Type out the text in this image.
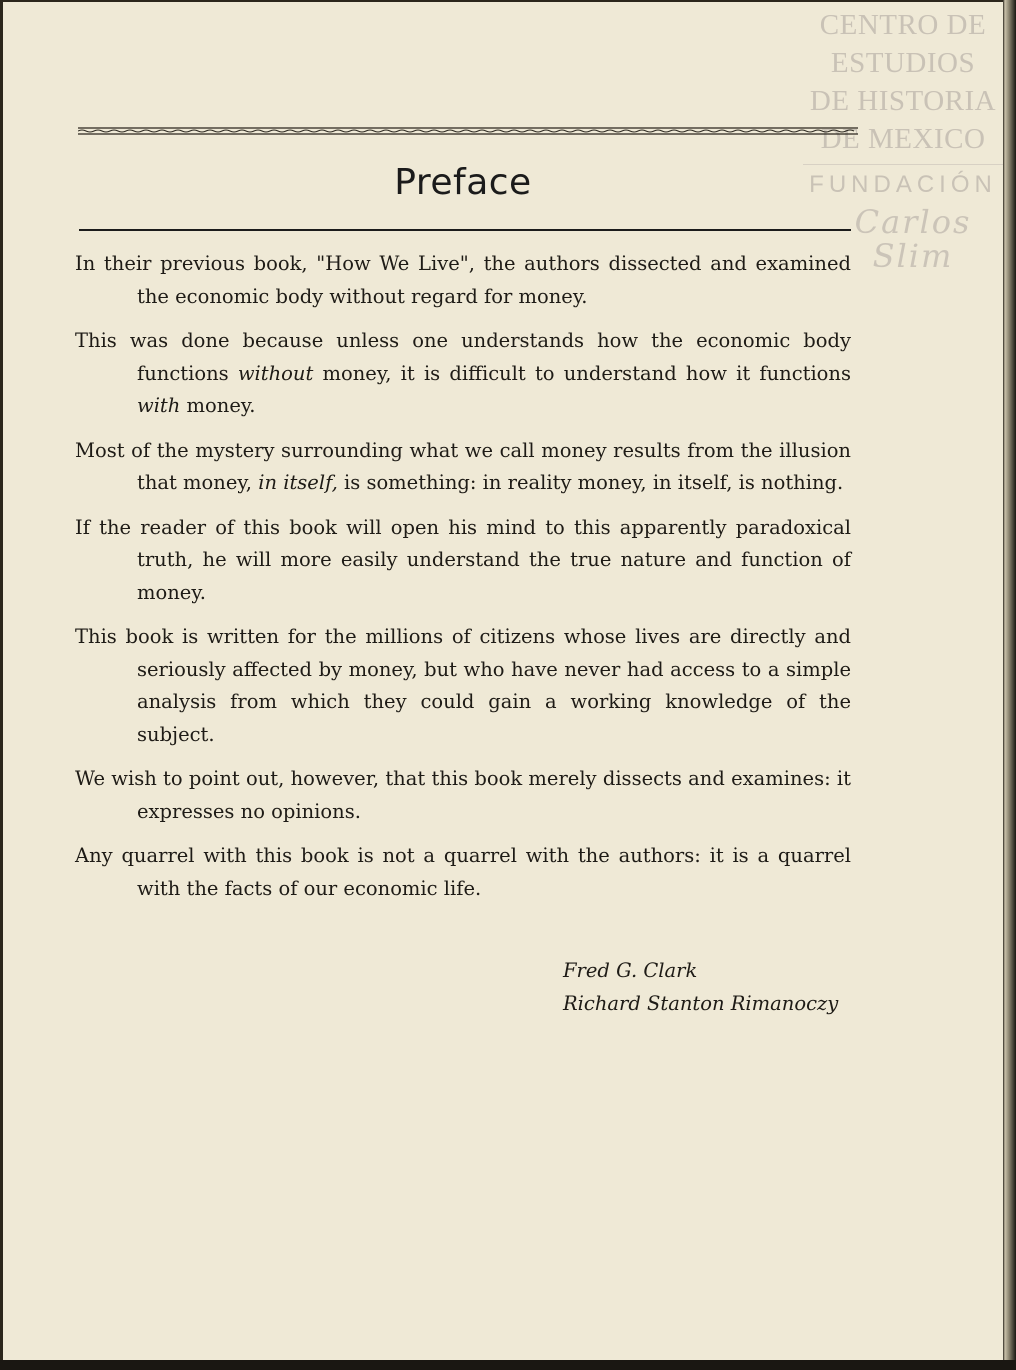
CENTRO DE
ESTUDIOS
DE HISTORIA
DE MEXICO
FUNDACIÓN
Carlos Slim
Preface

In their previous book, "How We Live", the authors dissected and examined the economic body without regard for money.

This was done because unless one understands how the economic body functions without money, it is difficult to understand how it functions with money.

Most of the mystery surrounding what we call money results from the illusion that money, in itself, is something: in reality money, in itself, is nothing.

If the reader of this book will open his mind to this apparently paradoxical truth, he will more easily understand the true nature and function of money.

This book is written for the millions of citizens whose lives are directly and seriously affected by money, but who have never had access to a simple analysis from which they could gain a working knowledge of the subject.

We wish to point out, however, that this book merely dissects and examines: it expresses no opinions.

Any quarrel with this book is not a quarrel with the authors: it is a quarrel with the facts of our economic life.

Fred G. Clark
Richard Stanton Rimanoczy
